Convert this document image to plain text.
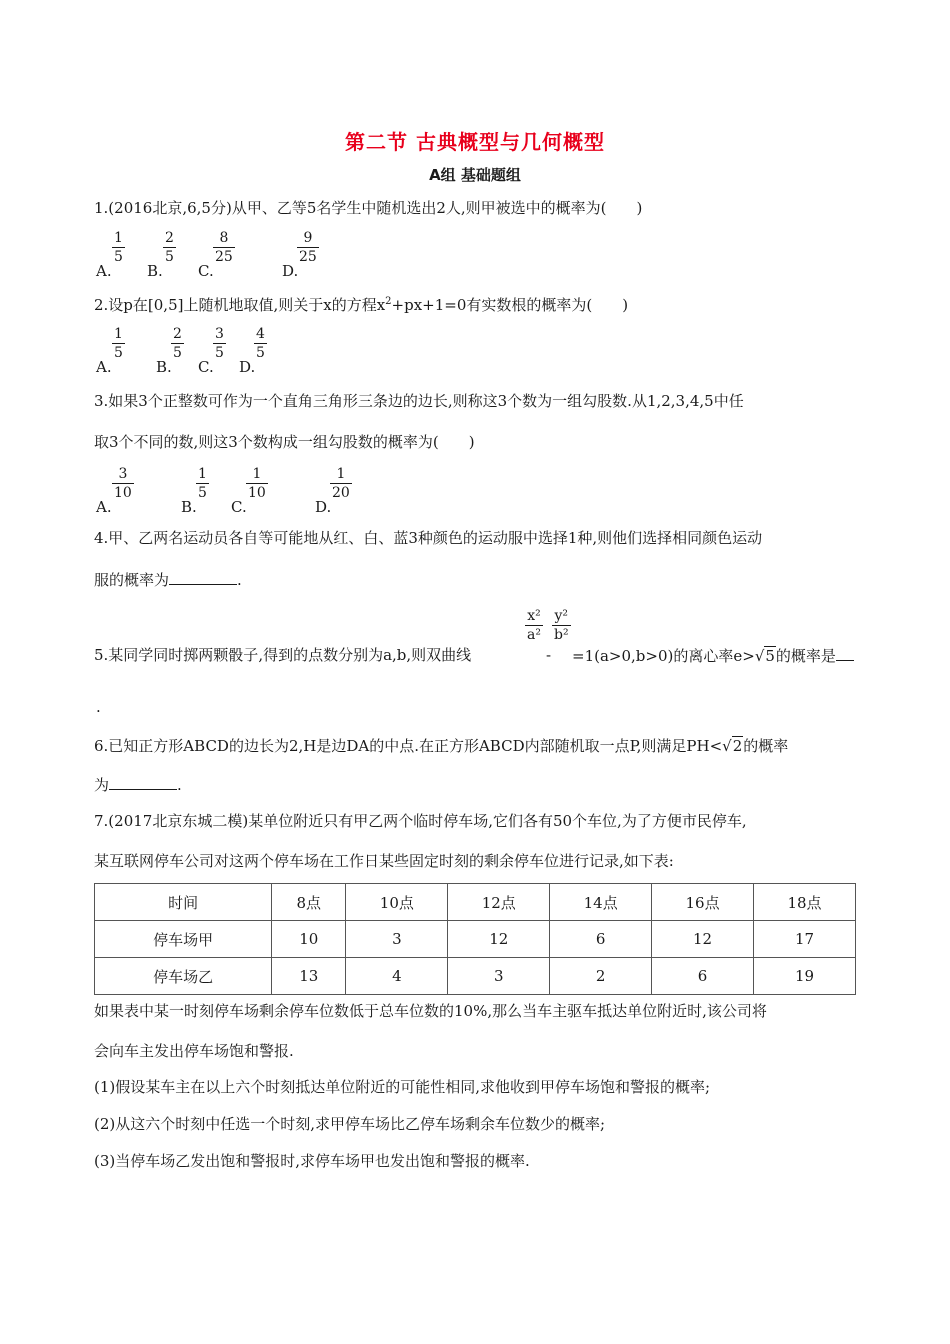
第二节 古典概型与几何概型
A组 基础题组
1.(2016北京,6,5分)从甲、乙等5名学生中随机选出2人,则甲被选中的概率为( )
A.
1
5
B.
2
5
C.
8
25
D.
9
25
2.设p在[0,5]上随机地取值,则关于x的方程$x^2+px+1=0$有实数根的概率为( )
A.
1
5
B.
2
5
C.
3
5
D.
4
5
3.如果3个正整数可作为一个直角三角形三条边的边长,则称这3个数为一组勾股数.从1,2,3,4,5中任
取3个不同的数,则这3个数构成一组勾股数的概率为( )
A.
3
10
B.
1
5
C.
1
10
D.
1
20
4.甲、乙两名运动员各自等可能地从红、白、蓝3种颜色的运动服中选择1种,则他们选择相同颜色运动
服的概率为	.
5.某同学同时掷两颗骰子,得到的点数分别为a,b,则双曲线
x²
a²
-
y²
b²
=1(a>0,b>0)的离心率e>√5的概率是
.
6.已知正方形ABCD的边长为2,H是边DA的中点.在正方形ABCD内部随机取一点P,则满足PH<√2的概率
为	.
7.(2017北京东城二模)某单位附近只有甲乙两个临时停车场,它们各有50个车位,为了方便市民停车,
某互联网停车公司对这两个停车场在工作日某些固定时刻的剩余停车位进行记录,如下表:
时间	8点	10点	12点	14点	16点	18点
停车场甲	10	3	12	6	12	17
停车场乙	13	4	3	2	6	19
如果表中某一时刻停车场剩余停车位数低于总车位数的10%,那么当车主驱车抵达单位附近时,该公司将
会向车主发出停车场饱和警报.
(1)假设某车主在以上六个时刻抵达单位附近的可能性相同,求他收到甲停车场饱和警报的概率;
(2)从这六个时刻中任选一个时刻,求甲停车场比乙停车场剩余车位数少的概率;
(3)当停车场乙发出饱和警报时,求停车场甲也发出饱和警报的概率.
